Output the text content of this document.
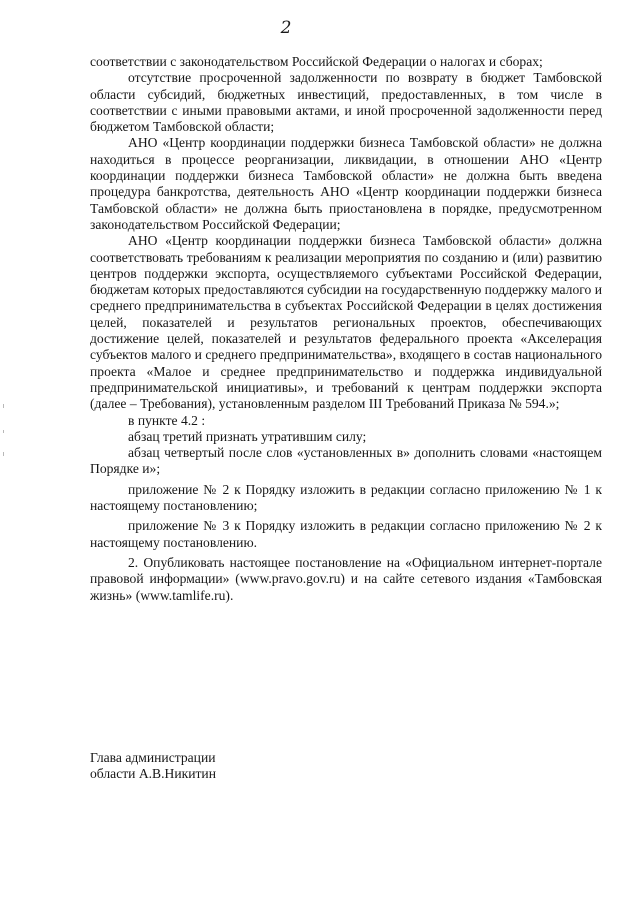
2

соответствии с законодательством Российской Федерации о налогах и сборах;

отсутствие просроченной задолженности по возврату в бюджет Тамбовской области субсидий, бюджетных инвестиций, предоставленных, в том числе в соответствии с иными правовыми актами, и иной просроченной задолженности перед бюджетом Тамбовской области;

АНО «Центр координации поддержки бизнеса Тамбовской области» не должна находиться в процессе реорганизации, ликвидации, в отношении АНО «Центр координации поддержки бизнеса Тамбовской области» не должна быть введена процедура банкротства, деятельность АНО «Центр координации поддержки бизнеса Тамбовской области» не должна быть приостановлена в порядке, предусмотренном законодательством Российской Федерации;

АНО «Центр координации поддержки бизнеса Тамбовской области» должна соответствовать требованиям к реализации мероприятия по созданию и (или) развитию центров поддержки экспорта, осуществляемого субъектами Российской Федерации, бюджетам которых предоставляются субсидии на государственную поддержку малого и среднего предпринимательства в субъектах Российской Федерации в целях достижения целей, показателей и результатов региональных проектов, обеспечивающих достижение целей, показателей и результатов федерального проекта «Акселерация субъектов малого и среднего предпринимательства», входящего в состав национального проекта «Малое и среднее предпринимательство и поддержка индивидуальной предпринимательской инициативы», и требований к центрам поддержки экспорта (далее – Требования), установленным разделом III Требований Приказа № 594.»;

в пункте 4.2 :

абзац третий признать утратившим силу;

абзац четвертый после слов «установленных в» дополнить словами «настоящем Порядке и»;

приложение № 2 к Порядку изложить в редакции согласно приложению № 1 к настоящему постановлению;

приложение № 3 к Порядку изложить в редакции согласно приложению № 2 к настоящему постановлению.

2. Опубликовать настоящее постановление на «Официальном интернет-портале правовой информации» (www.pravo.gov.ru) и на сайте сетевого издания «Тамбовская жизнь» (www.tamlife.ru).

Глава администрации
области А.В.Никитин
